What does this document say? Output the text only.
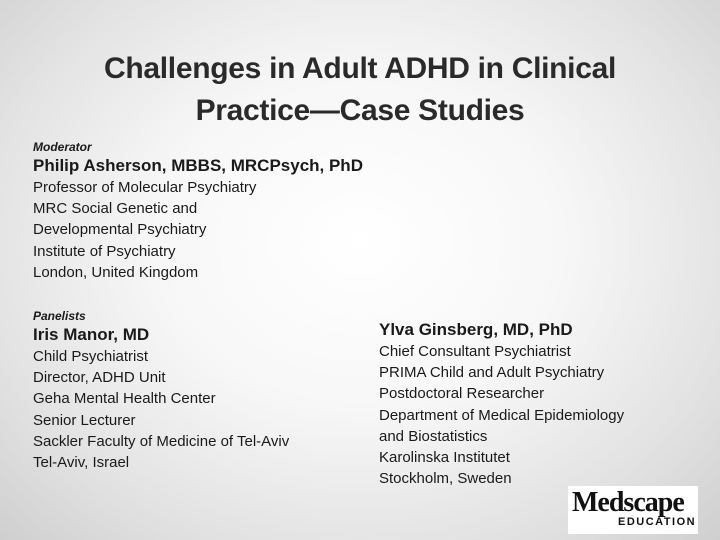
Challenges in Adult ADHD in Clinical
Practice—Case Studies
Moderator
Philip Asherson, MBBS, MRCPsych, PhD
Professor of Molecular Psychiatry
MRC Social Genetic and
Developmental Psychiatry
Institute of Psychiatry
London, United Kingdom
Panelists
Iris Manor, MD
Child Psychiatrist
Director, ADHD Unit
Geha Mental Health Center
Senior Lecturer
Sackler Faculty of Medicine of Tel-Aviv
Tel-Aviv, Israel
Ylva Ginsberg, MD, PhD
Chief Consultant Psychiatrist
PRIMA Child and Adult Psychiatry
Postdoctoral Researcher
Department of Medical Epidemiology
and Biostatistics
Karolinska Institutet
Stockholm, Sweden
Medscape
EDUCATION
